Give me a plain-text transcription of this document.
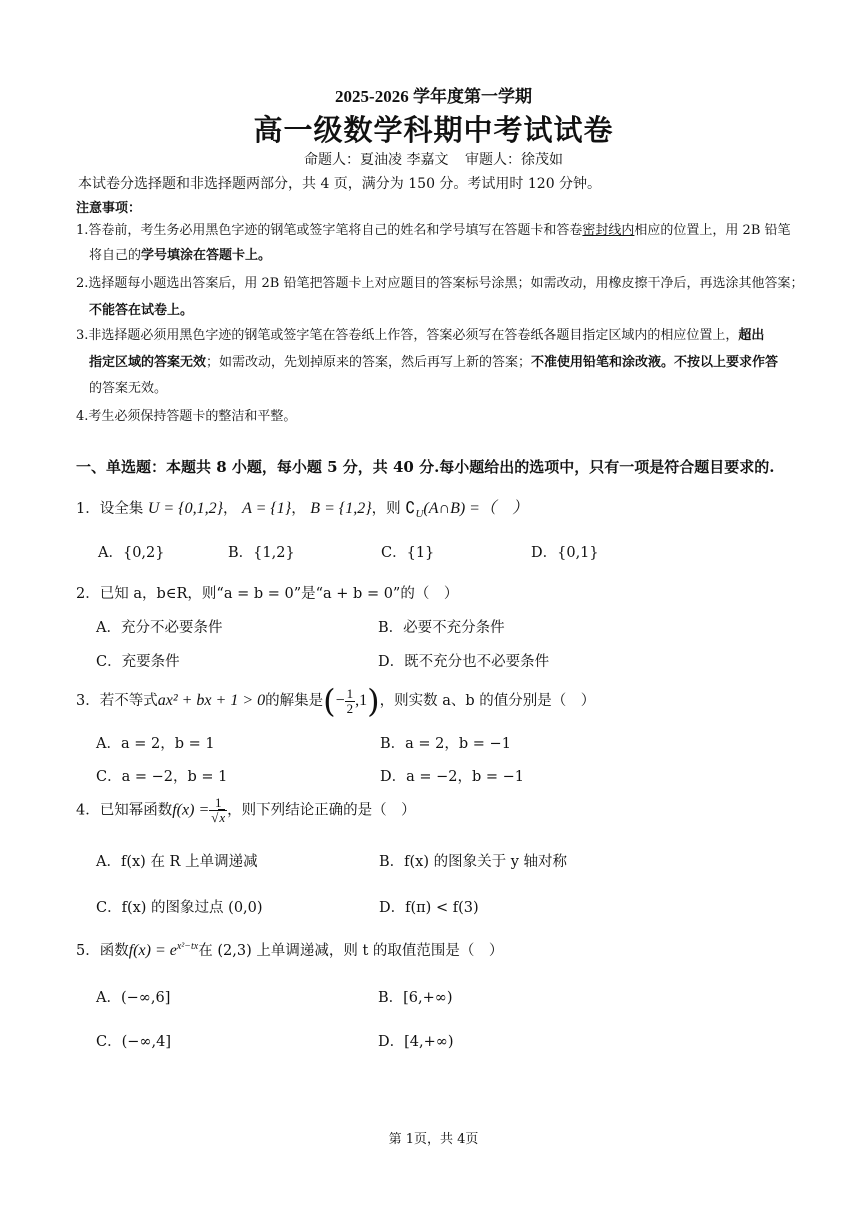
2025-2026 学年度第一学期
高一级数学科期中考试试卷
命题人：夏油凌 李嘉文 审题人：徐茂如
本试卷分选择题和非选择题两部分，共 4 页，满分为 150 分。考试用时 120 分钟。
注意事项：
1.答卷前，考生务必用黑色字迹的钢笔或签字笔将自己的姓名和学号填写在答题卡和答卷密封线内相应的位置上，用 2B 铅笔
将自己的学号填涂在答题卡上。
2.选择题每小题选出答案后，用 2B 铅笔把答题卡上对应题目的答案标号涂黑；如需改动，用橡皮擦干净后，再选涂其他答案；
不能答在试卷上。
3.非选择题必须用黑色字迹的钢笔或签字笔在答卷纸上作答，答案必须写在答卷纸各题目指定区域内的相应位置上，超出
指定区域的答案无效；如需改动，先划掉原来的答案，然后再写上新的答案；不准使用铅笔和涂改液。不按以上要求作答
的答案无效。
4.考生必须保持答题卡的整洁和平整。
一、单选题：本题共 8 小题，每小题 5 分，共 40 分.每小题给出的选项中，只有一项是符合题目要求的.
1．设全集 U = {0,1,2}， A = {1}， B = {1,2}，则 $∁_U(A\cap B)$ =（　）
A．{0,2}	B．{1,2}	C．{1}	D．{0,1}
2．已知 a，b∈R，则“a = b = 0”是“a + b = 0”的（　）
A．充分不必要条件	B．必要不充分条件
C．充要条件	D．既不充分也不必要条件
3．若不等式ax² + bx + 1 > 0的解集是(− $\frac{1}{2} ,1$)，则实数 a、b 的值分别是（　）
A．a = 2，b = 1	B．a = 2，b = −1
C．a = −2，b = 1	D．a = −2，b = −1
4．已知幂函数$f(x) = \frac{1}{√x}$ ，则下列结论正确的是（　）
A．f(x) 在 R 上单调递减	B．f(x) 的图象关于 y 轴对称
C．f(x) 的图象过点 (0,0)	D．f(π) < f(3)
5．函数$f(x) = e^{x^2-tx}$在 (2,3) 上单调递减，则 t 的取值范围是（　）
A．(−∞,6]	B．[6,+∞)
C．(−∞,4]	D．[4,+∞)
第 1页，共 4页
